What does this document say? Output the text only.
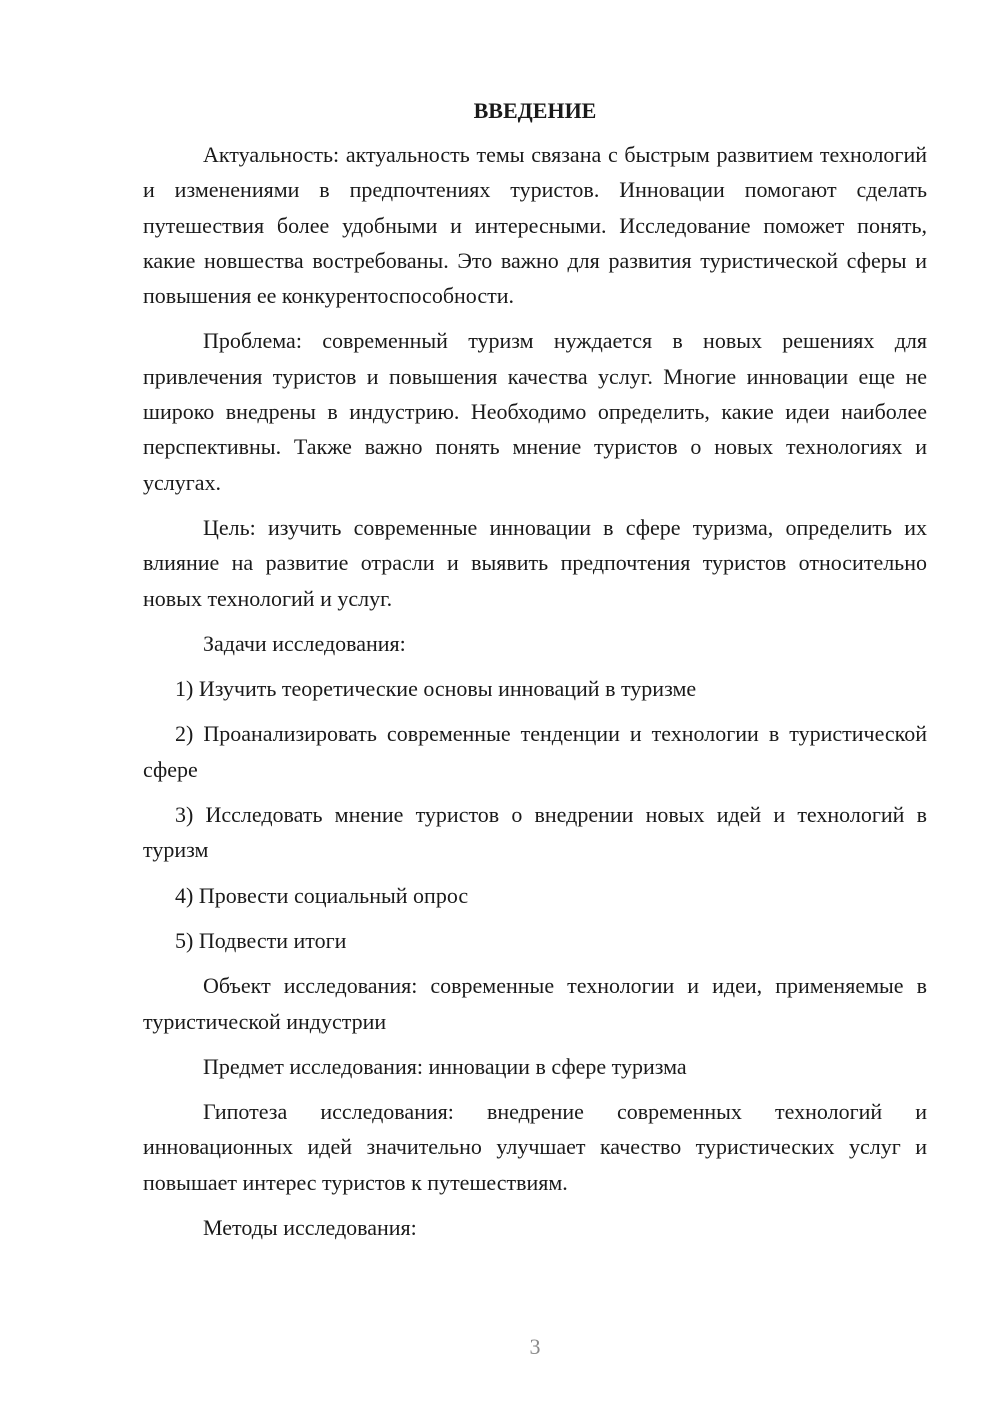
ВВЕДЕНИЕ

Актуальность: актуальность темы связана с быстрым развитием технологий и изменениями в предпочтениях туристов. Инновации помогают сделать путешествия более удобными и интересными. Исследование поможет понять, какие новшества востребованы. Это важно для развития туристической сферы и повышения ее конкурентоспособности.

Проблема: современный туризм нуждается в новых решениях для привлечения туристов и повышения качества услуг. Многие инновации еще не широко внедрены в индустрию. Необходимо определить, какие идеи наиболее перспективны. Также важно понять мнение туристов о новых технологиях и услугах.

Цель: изучить современные инновации в сфере туризма, определить их влияние на развитие отрасли и выявить предпочтения туристов относительно новых технологий и услуг.

Задачи исследования:

1) Изучить теоретические основы инноваций в туризме

2) Проанализировать современные тенденции и технологии в туристической сфере

3) Исследовать мнение туристов о внедрении новых идей и технологий в туризм

4) Провести социальный опрос

5) Подвести итоги

Объект исследования: современные технологии и идеи, применяемые в туристической индустрии

Предмет исследования: инновации в сфере туризма

Гипотеза исследования: внедрение современных технологий и инновационных идей значительно улучшает качество туристических услуг и повышает интерес туристов к путешествиям.

Методы исследования:

3
